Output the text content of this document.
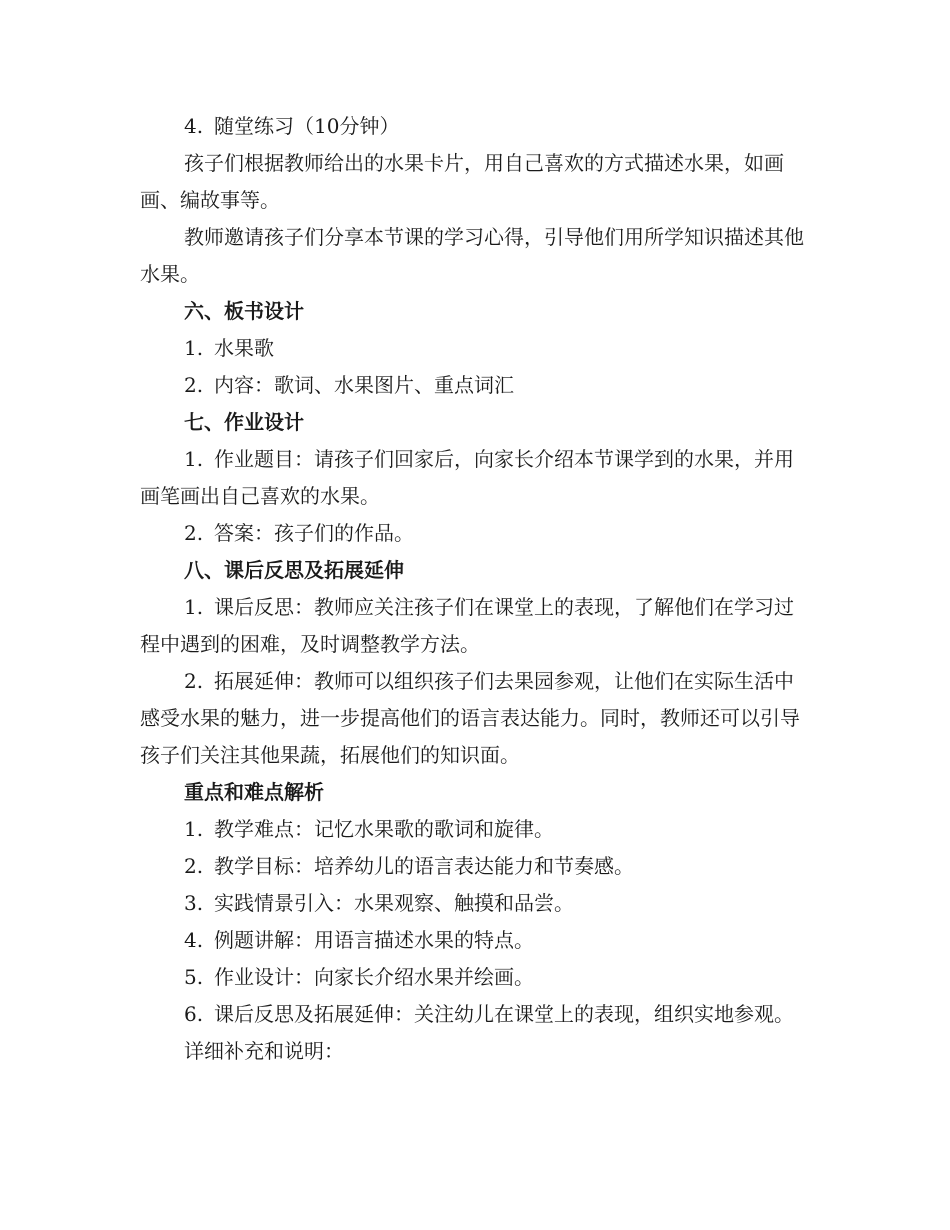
4. 随堂练习（10分钟）

孩子们根据教师给出的水果卡片，用自己喜欢的方式描述水果，如画画、编故事等。

教师邀请孩子们分享本节课的学习心得，引导他们用所学知识描述其他水果。

六、板书设计

1. 水果歌

2. 内容：歌词、水果图片、重点词汇

七、作业设计

1. 作业题目：请孩子们回家后，向家长介绍本节课学到的水果，并用画笔画出自己喜欢的水果。

2. 答案：孩子们的作品。

八、课后反思及拓展延伸

1. 课后反思：教师应关注孩子们在课堂上的表现，了解他们在学习过程中遇到的困难，及时调整教学方法。

2. 拓展延伸：教师可以组织孩子们去果园参观，让他们在实际生活中感受水果的魅力，进一步提高他们的语言表达能力。同时，教师还可以引导孩子们关注其他果蔬，拓展他们的知识面。

重点和难点解析

1. 教学难点：记忆水果歌的歌词和旋律。

2. 教学目标：培养幼儿的语言表达能力和节奏感。

3. 实践情景引入：水果观察、触摸和品尝。

4. 例题讲解：用语言描述水果的特点。

5. 作业设计：向家长介绍水果并绘画。

6. 课后反思及拓展延伸：关注幼儿在课堂上的表现，组织实地参观。

详细补充和说明：
